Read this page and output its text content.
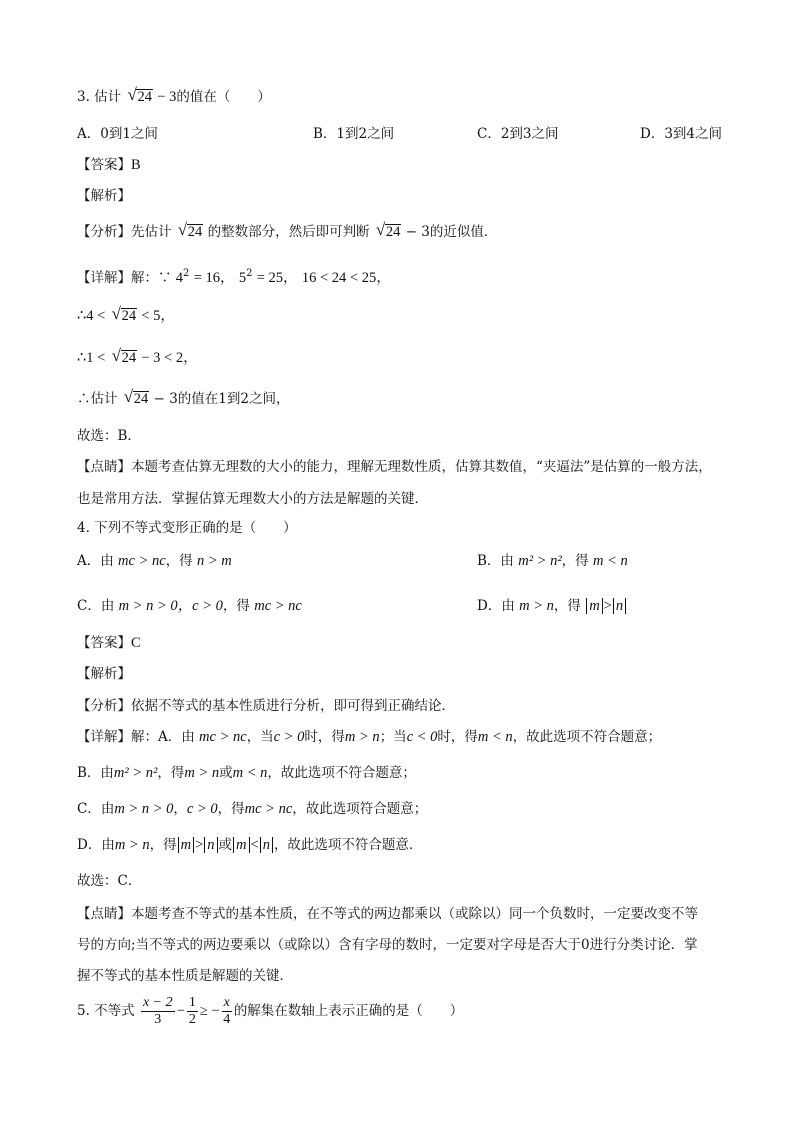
3. 估计 √ 24 − 3的值在（　　）
A．0到1之间	B．1到2之间	C．2到3之间	D．3到4之间
【答案】B
【解析】
【分析】先估计 √ 24 的整数部分，然后即可判断 √ 24 − 3的近似值．
【详解】解：∵ $4^2 = 16$， $5^2 = 25$， 16 < 24 < 25，
∴4 < √ 24 < 5，
∴1 < √ 24 − 3 < 2，
∴估计 √ 24 − 3的值在1到2之间，
故选：B．
【点睛】本题考查估算无理数的大小的能力，理解无理数性质，估算其数值，“夹逼法”是估算的一般方法，
也是常用方法．掌握估算无理数大小的方法是解题的关键．
4. 下列不等式变形正确的是（　　）
A．由 mc > nc，得 n > m	B．由 m² > n²，得 m < n
C．由 m > n > 0，c > 0，得 mc > nc	D．由 m > n，得 m > n
【答案】C
【解析】
【分析】依据不等式的基本性质进行分析，即可得到正确结论．
【详解】解：A．由 mc > nc，当c > 0时，得m > n；当c < 0时，得m < n，故此选项不符合题意；
B．由m² > n²，得m > n或m < n，故此选项不符合题意；
C．由m > n > 0，c > 0，得mc > nc，故此选项符合题意；
D．由m > n，得 m > n 或 m < n ，故此选项不符合题意．
故选：C．
【点睛】本题考查不等式的基本性质，在不等式的两边都乘以（或除以）同一个负数时，一定要改变不等
号的方向;当不等式的两边要乘以（或除以）含有字母的数时，一定要对字母是否大于0进行分类讨论．掌
握不等式的基本性质是解题的关键．
5. 不等式 $\frac{x - 2}{3} - \frac{1}{2}$ ≥ − $\frac{x}{4}$ 的解集在数轴上表示正确的是（　　）
